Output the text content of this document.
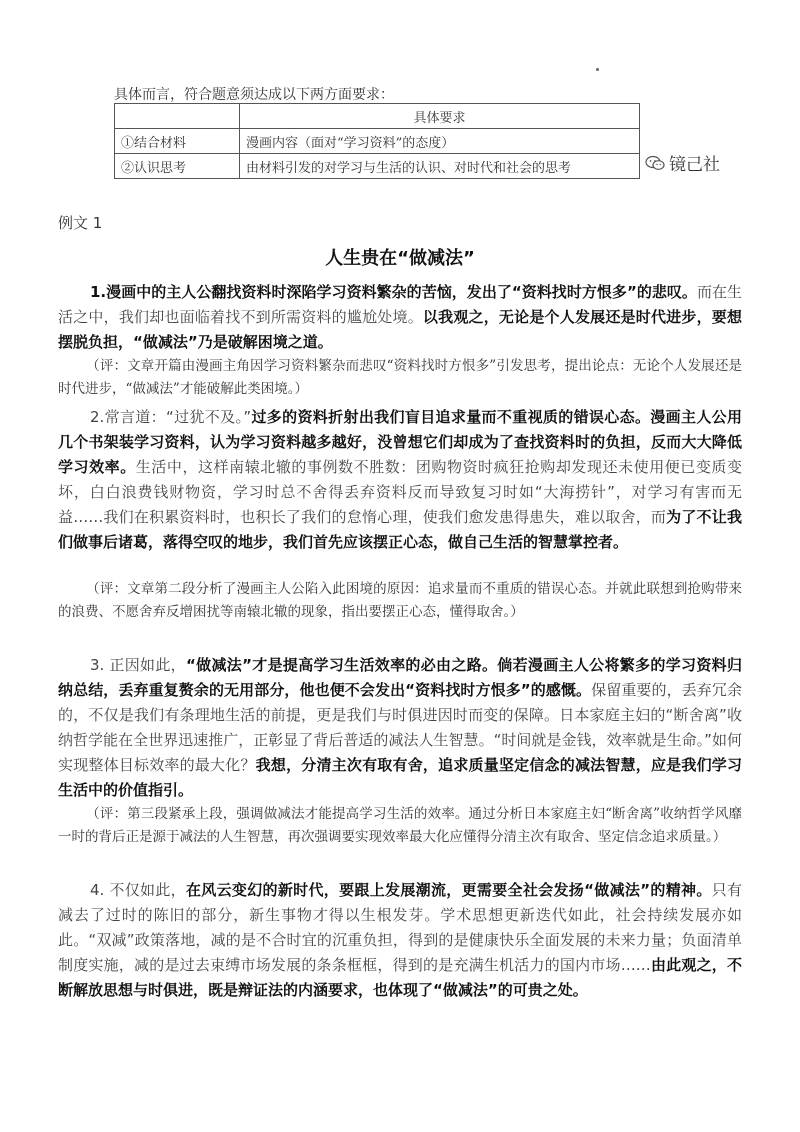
具体而言，符合题意须达成以下两方面要求：
	具体要求
①结合材料	漫画内容（面对“学习资料”的态度）
②认识思考	由材料引发的对学习与生活的认识、对时代和社会的思考	镜己社
例文 1
人生贵在“做减法”
1.漫画中的主人公翻找资料时深陷学习资料繁杂的苦恼，发出了“资料找时方恨多”的悲叹。而在生活之中，我们却也面临着找不到所需资料的尴尬处境。以我观之，无论是个人发展还是时代进步，要想摆脱负担，“做减法”乃是破解困境之道。
（评：文章开篇由漫画主角因学习资料繁杂而悲叹“资料找时方恨多”引发思考，提出论点：无论个人发展还是时代进步，“做减法”才能破解此类困境。）
2.常言道：“过犹不及。”过多的资料折射出我们盲目追求量而不重视质的错误心态。漫画主人公用几个书架装学习资料，认为学习资料越多越好，没曾想它们却成为了查找资料时的负担，反而大大降低学习效率。生活中，这样南辕北辙的事例数不胜数：团购物资时疯狂抢购却发现还未使用便已变质变坏，白白浪费钱财物资，学习时总不舍得丢弃资料反而导致复习时如“大海捞针”，对学习有害而无益……我们在积累资料时，也积长了我们的怠惰心理，使我们愈发患得患失，难以取舍，而为了不让我们做事后诸葛，落得空叹的地步，我们首先应该摆正心态，做自己生活的智慧掌控者。
（评：文章第二段分析了漫画主人公陷入此困境的原因：追求量而不重质的错误心态。并就此联想到抢购带来的浪费、不愿舍弃反增困扰等南辕北辙的现象，指出要摆正心态，懂得取舍。）
3. 正因如此，“做减法”才是提高学习生活效率的必由之路。倘若漫画主人公将繁多的学习资料归纳总结，丢弃重复赘余的无用部分，他也便不会发出“资料找时方恨多”的感慨。保留重要的，丢弃冗余的，不仅是我们有条理地生活的前提，更是我们与时俱进因时而变的保障。日本家庭主妇的“断舍离”收纳哲学能在全世界迅速推广，正彰显了背后普适的减法人生智慧。“时间就是金钱，效率就是生命。”如何实现整体目标效率的最大化？我想，分清主次有取有舍，追求质量坚定信念的减法智慧，应是我们学习生活中的价值指引。
（评：第三段紧承上段，强调做减法才能提高学习生活的效率。通过分析日本家庭主妇“断舍离”收纳哲学风靡一时的背后正是源于减法的人生智慧，再次强调要实现效率最大化应懂得分清主次有取舍、坚定信念追求质量。）
4. 不仅如此，在风云变幻的新时代，要跟上发展潮流，更需要全社会发扬“做减法”的精神。只有减去了过时的陈旧的部分，新生事物才得以生根发芽。学术思想更新迭代如此，社会持续发展亦如此。“双减”政策落地，减的是不合时宜的沉重负担，得到的是健康快乐全面发展的未来力量；负面清单制度实施，减的是过去束缚市场发展的条条框框，得到的是充满生机活力的国内市场……由此观之，不断解放思想与时俱进，既是辩证法的内涵要求，也体现了“做减法”的可贵之处。
